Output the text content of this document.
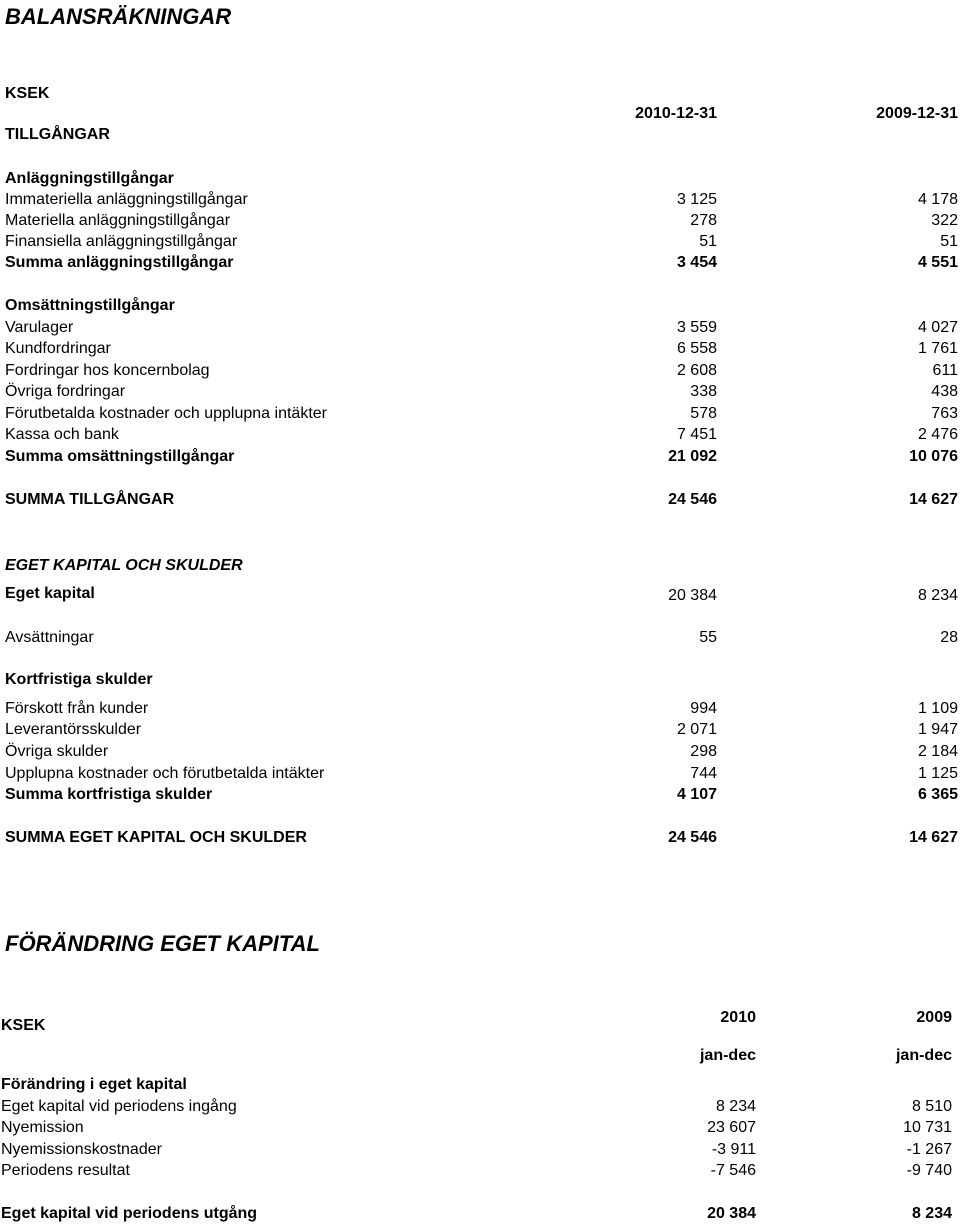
BALANSRÄKNINGAR
KSEK
2010-12-31	2009-12-31
TILLGÅNGAR
Anläggningstillgångar
Immateriella anläggningstillgångar	3 125	4 178
Materiella anläggningstillgångar	278	322
Finansiella anläggningstillgångar	51	51
Summa anläggningstillgångar	3 454	4 551
Omsättningstillgångar
Varulager	3 559	4 027
Kundfordringar	6 558	1 761
Fordringar hos koncernbolag	2 608	611
Övriga fordringar	338	438
Förutbetalda kostnader och upplupna intäkter	578	763
Kassa och bank	7 451	2 476
Summa omsättningstillgångar	21 092	10 076
SUMMA TILLGÅNGAR	24 546	14 627
EGET KAPITAL OCH SKULDER
Eget kapital	20 384	8 234
Avsättningar	55	28
Kortfristiga skulder
Förskott från kunder	994	1 109
Leverantörsskulder	2 071	1 947
Övriga skulder	298	2 184
Upplupna kostnader och förutbetalda intäkter	744	1 125
Summa kortfristiga skulder	4 107	6 365
SUMMA EGET KAPITAL OCH SKULDER	24 546	14 627
FÖRÄNDRING EGET KAPITAL
KSEK	2010	2009
jan-dec	jan-dec
Förändring i eget kapital
Eget kapital vid periodens ingång	8 234	8 510
Nyemission	23 607	10 731
Nyemissionskostnader	-3 911	-1 267
Periodens resultat	-7 546	-9 740
Eget kapital vid periodens utgång	20 384	8 234
